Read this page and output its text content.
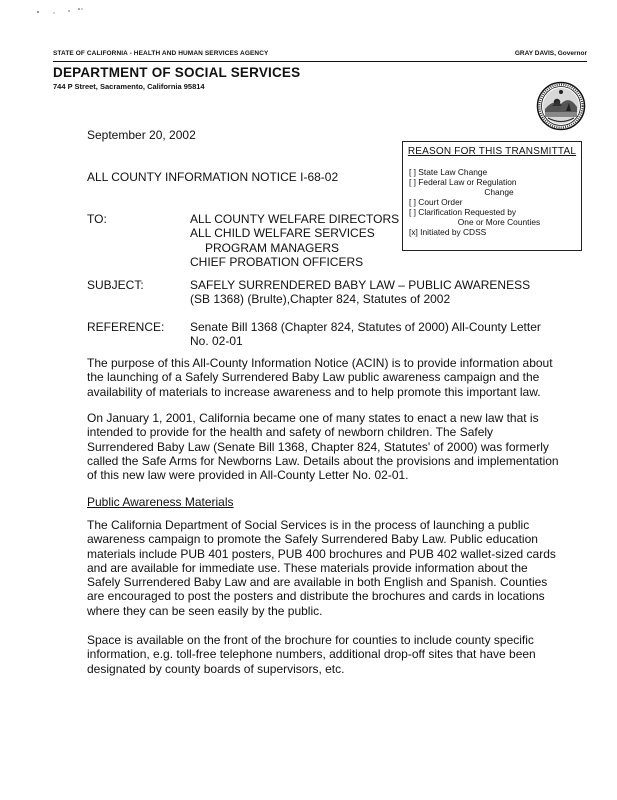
STATE OF CALIFORNIA - HEALTH AND HUMAN SERVICES AGENCY	GRAY DAVIS, Governor
DEPARTMENT OF SOCIAL SERVICES
744 P Street, Sacramento, California 95814
September 20, 2002
ALL COUNTY INFORMATION NOTICE I-68-02
REASON FOR THIS TRANSMITTAL
[ ] State Law Change
[ ] Federal Law or Regulation
Change
[ ] Court Order
[ ] Clarification Requested by
One or More Counties
[x] Initiated by CDSS
TO:	ALL COUNTY WELFARE DIRECTORS
ALL CHILD WELFARE SERVICES
PROGRAM MANAGERS
CHIEF PROBATION OFFICERS
SUBJECT:	SAFELY SURRENDERED BABY LAW – PUBLIC AWARENESS (SB 1368) (Brulte),Chapter 824, Statutes of 2002
REFERENCE: Senate Bill 1368 (Chapter 824, Statutes of 2000) All-County Letter No. 02-01
The purpose of this All-County Information Notice (ACIN) is to provide information about the launching of a Safely Surrendered Baby Law public awareness campaign and the availability of materials to increase awareness and to help promote this important law.
On January 1, 2001, California became one of many states to enact a new law that is intended to provide for the health and safety of newborn children. The Safely Surrendered Baby Law (Senate Bill 1368, Chapter 824, Statutes' of 2000) was formerly called the Safe Arms for Newborns Law. Details about the provisions and implementation of this new law were provided in All-County Letter No. 02-01.
Public Awareness Materials
The California Department of Social Services is in the process of launching a public awareness campaign to promote the Safely Surrendered Baby Law. Public education materials include PUB 401 posters, PUB 400 brochures and PUB 402 wallet-sized cards and are available for immediate use. These materials provide information about the Safely Surrendered Baby Law and are available in both English and Spanish. Counties are encouraged to post the posters and distribute the brochures and cards in locations where they can be seen easily by the public.
Space is available on the front of the brochure for counties to include county specific information, e.g. toll-free telephone numbers, additional drop-off sites that have been designated by county boards of supervisors, etc.
